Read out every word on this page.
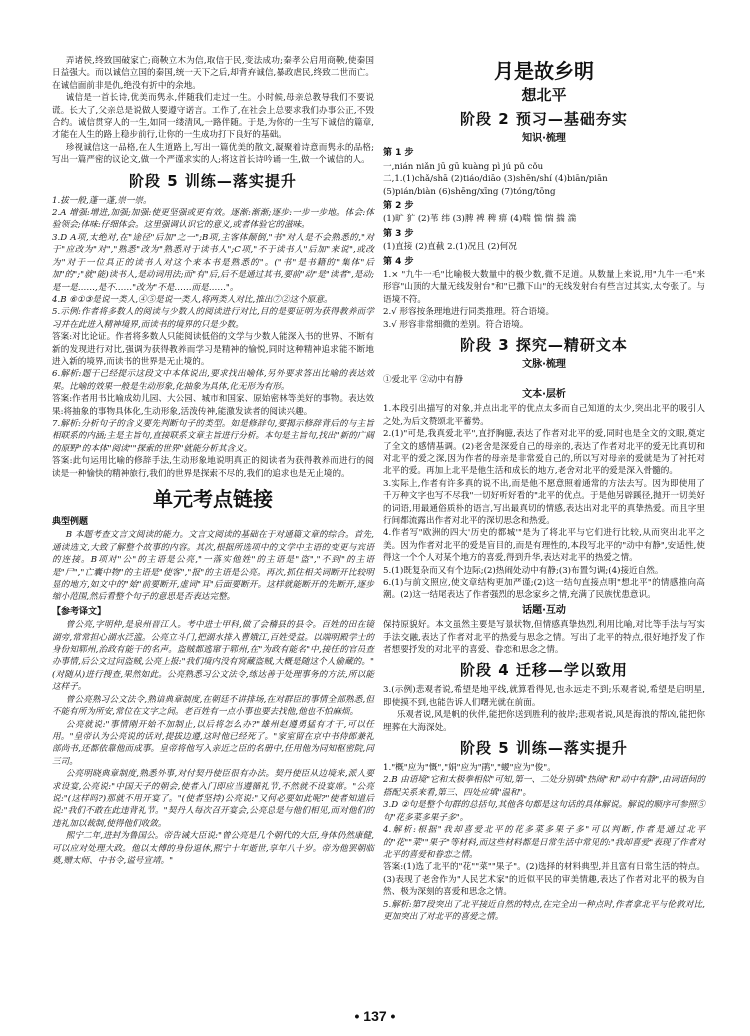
弄诸侯,终致国破家亡;商鞅立木为信,取信于民,变法成功;秦孝公启用商鞅,使秦国日益强大。而以诚信立国的秦国,统一天下之后,却背弃诚信,暴政虐民,终致二世而亡。在诚信面前非是仇,绝没有折中的余地。

诚信是一首长诗,优美而隽永,伴随我们走过一生。小时候,母亲总教导我们不要说谎。长大了,父亲总是说做人要遵守诺言。工作了,在社会上总要求我们办事公正,不毁合约。诚信贯穿人的一生,如同一缕清风,一路伴随。于是,为你的一生写下诚信的篇章,才能在人生的路上稳步前行,让你的一生成功打下良好的基础。

珍视诚信这一品格,在人生道路上,写出一篇优美的散文,凝聚着诗意而隽永的品格;写出一篇严密的议论文,做一个严谨求实的人;将这首长诗吟诵一生,做一个诚信的人。

阶段 5 训练—落实提升

1.拔一般,蓬一蓬,崇一崇。

2.A 增强:增进,加强;加强:使更坚强或更有效。逐渐:渐渐;逐步:一步一步地。体会:体验领会;体味:仔细体会。这里强调认识它的意义,或者体验它的滋味。

3.D A项,太绝对,在"途径"后加"之一";B项,主客体颠倒,"书"对人是不会熟悉的,"对于"应改为"对","熟悉"改为"熟悉对于读书人";C项,"不于读书人"后加"来说",或改为"对于一位具正的读书人对这个来本书是熟悉的"。("书"是书籍的"集体"后加"的";"就"能)读书人,是动词用法;而"有"后,后不是通过其书,要前"动"是"读者",是动;是一是……,是不……"改为"不是……而是……"。

4.B ⑥①③是说一类人,④⑤是说一类人,将两类人对比,推出⑦②这个原意。

5.示例:作者将多数人的阅读与少数人的阅读进行对比,目的是要证明为获得教养而学习并在此进入精神境界,而读书的境界的只是少数。

答案:对比论证。作者将多数人只能阅读低俗的文学与少数人能深入书的世界、不断有新的发现进行对比,强调为获得教养而学习是精神的愉悦,同时这种精神追求能不断地进入新的境界,而读书的世界是无止境的。

6.解析:题干已经提示这段文中本体说出,要求找出喻体,另外要求答出比喻的表达效果。比喻的效果一般是生动形象,化抽象为具体,化无形为有形。

答案:作者用书比喻成幼儿园、大公园、城市和国家、原始密林等美好的事物。表达效果:将抽象的事物具体化,生动形象,活泼传神,能激发读者的阅读兴趣。

7.解析:分析句子的含义要先判断句子的类型。如是修辞句,要揭示修辞背后的与主旨相联系的内涵;主是主旨句,直接联系文章主旨进行分析。本句是主旨句,找出"新的广阔的原野"的本体"阅读""探索的世界"就能分析其含义。

答案:此句运用比喻的修辞手法,生动形象地说明真正的阅读者为获得教养而进行的阅读是一种愉快的精神旅行,我们的世界是探索不尽的,我们的追求也是无止境的。

单元考点链接
典型例题

B 本题考查文言文阅读的能力。文言文阅读的基础在于对通篇文章的综合。首先,通读选文,大致了解整个故事的内容。其次,根据所选项中的文学中主语的变更与宾语的连接。B项对"公"的主语是公亮,"一落实他姓"的主语是"盗","不到"的主语是"尸","亡囊中物"的主语是"使客","报"的主语是公亮。再次,抓住相关词断开比较明显的地方,如文中的"始"前要断开,虚词"耳"后面要断开。这样就能断开的先断开,逐步缩小范围,然后看整个句子的意思是否表达完整。

【参考译文】

曾公亮,字明仲,是泉州晋江人。考中进士甲科,做了会稽县的县令。百姓的田在镜湖旁,常常担心湖水泛滥。公亮立斗门,把湖水排入曹娥江,百姓受益。以端明殿学士的身份知郓州,治政有能干的名声。盗贼都逃窜于郓州,在"为政有能名"中,接任的官员查办事情,后公文过问盗贼,公亮上报:"我们境内没有窝藏盗贼,大概是随这个人偷藏的。"(对随从)进行搜查,果然如此。公亮熟悉习公文法令,练达善于处理事务的方法,所以能这样子。

曾公亮熟习公文法令,熟谙典章制度,在朝廷不讲排场,在对群臣的事情全部熟悉,但不能有所为所安,常位在文字之间。老百姓有一点小事也要去找他,他也不怕麻烦。

公亮就说:"事情刚开始不加制止,以后将怎么办?"雄州赵遵勇猛有才干,可以任用。"皇帝认为公亮说的话对,提拔边遵,这时他已经死了。"家室留在京中书侍郎兼礼部尚书,还都依靠他而成事。皇帝将他写入亲近之臣的名册中,任用他为同知枢密院,同三司。

公亮明晓典章制度,熟悉外事,对付契丹使臣很有办法。契丹使臣从边境来,派人要求设宴,公亮说:"中国天子的朝会,使者入门即应当遵循礼节,不然就不设宴席。"公亮说:"(这样吗?)那就不用开宴了。"(使者坚持)公亮说:"又何必要如此呢?"使者知道后说:"我们不敢在此违背礼节。"契丹人每次召开宴会,公亮总是与他们相见,而对他们的违礼加以裁制,使得他们收敛。

熙宁二年,进封为鲁国公。帝告诫大臣说:"曾公亮是几个朝代的大臣,身体仍然康健,可以应对处理大政。他以太傅的身份退休,熙宁十年逝世,享年八十岁。帝为他罢朝临奠,赠太师、中书令,谥号宣靖。"

月是故乡明
想北平
阶段 2 预习—基础夯实
知识·梳理
第 1 步

一,nián niǎn jū gū kuàng pì jú pǔ cǒu

二,1.(1)chǎ/shā (2)tiáo/diāo (3)shēn/shí (4)biān/piān

(5)pián/biàn (6)shēng/xīng (7)tóng/tōng

第 2 步

(1)旷 犷 (2)苇 纬 (3)脾 裨 稗 痹 (4)喘 惴 惴 揣 湍

第 3 步

(1)直接 (2)直截 2.(1)况且 (2)何况

第 4 步

1.× "九牛一毛"比喻极大数量中的极少数,微不足道。从数量上来说,用"九牛一毛"来形容"山顶的大量无线发射台"和"已撒下山"的无线发射台有些言过其实,太夸张了。与语境不符。

2.√ 形容按条理地进行同类推理。符合语境。

3.√ 形容非常细微的差别。符合语境。

阶段 3 探究—精研文本
文脉·梳理

①爱北平 ②动中有静

文本·层析

1.本段引出描写的对象,并点出北平的优点太多而自己知道的太少,突出北平的吸引人之处,为后文赞颂北平蓄势。

2.(1)"可是,我真爱北平",直抒胸臆,表达了作者对北平的爱,同时也是全文的文眼,奠定了全文的感情基调。(2)老舍是深爱自己的母亲的,表达了作者对北平的爱无比真切和对北平的爱之深,因为作者的母亲是非常爱自己的,所以写对母亲的爱就是为了衬托对北平的爱。再加上北平是他生活和成长的地方,老舍对北平的爱是深入骨髓的。

3.实际上,作者有许多真的说不出,而是他不愿意照着通常的方法去写。因为即使用了千万种文字也写不尽我"一切好听好看的"北平的优点。于是他另辟蹊径,抛开一切美好的词语,用最通俗质朴的语言,写出最真切的情感,表达出对北平的真挚热爱。而且字里行间都流露出作者对北平的深切思念和热爱。

4.作者写"欧洲的四大'历史的都城'"是为了将北平与它们进行比较,从而突出北平之美。因为作者对北平的爱是盲目的,而是有理性的,本段写北平的"动中有静",安适性,使得这一个个人对某个地方的喜爱,得到升华,表达对北平的热爱之情。

5.(1)既复杂而又有个边际;(2)热闹处动中有静;(3)布置匀调;(4)接近自然。

6.(1)与前文照应,使文章结构更加严谨;(2)这一结句直接点明"想北平"的情感推向高潮。(2)这一结尾表达了作者强烈的思念家乡之情,充满了民族忧患意识。

话题·互动

保持原貌好。本文虽然主要是写景状物,但情感真挚热烈,利用比喻,对比等手法与写实手法交融,表达了作者对北平的热爱与思念之情。写出了北平的特点,很好地抒发了作者想要抒发的对北平的喜爱、眷恋和思念之情。

阶段 4 迁移—学以致用

3.(示例)悲观者说,希望是地平线,就算看得见,也永远走不到;乐观者说,希望是启明星,即使摸不到,也能告诉人们曙光就在前面。

乐观者说,风是帆的伙伴,能把你送到胜利的彼岸;悲观者说,风是海浪的帮凶,能把你埋葬在大海深处。

阶段 5 训练—落实提升

1."概"应为"慨","娟"应为"鹃","蝬"应为"俊"。

2.B 由语境"它和太极拳相似"可知,第一、二处分别填"热闹"和"动中有静",由词语间的搭配关系来看,第三、四处应填"温和"。

3.D ②句是整个句群的总括句,其他各句都是这句话的具体解说。解说的顺序可参照⑤句"花多菜多果子多"。

4.解析:根据"我却喜爱北平的花多菜多果子多"可以判断,作者是通过北平的"花""菜""果子"等材料,而这些材料都是日常生活中常见的:"我却喜爱"表现了作者对北平的喜爱和眷恋之情。

答案:(1)选了北平的"花""菜""果子"。(2)选择的材料典型,并且富有日常生活的特点。(3)表现了老舍作为"人民艺术家"的近似平民的审美情趣,表达了作者对北平的极为自然、极为深刻的喜爱和思念之情。

5.解析:第7段突出了北平接近自然的特点,在完全出一种点时,作者拿北平与伦敦对比,更加突出了对北平的喜爱之情。

• 137 •
